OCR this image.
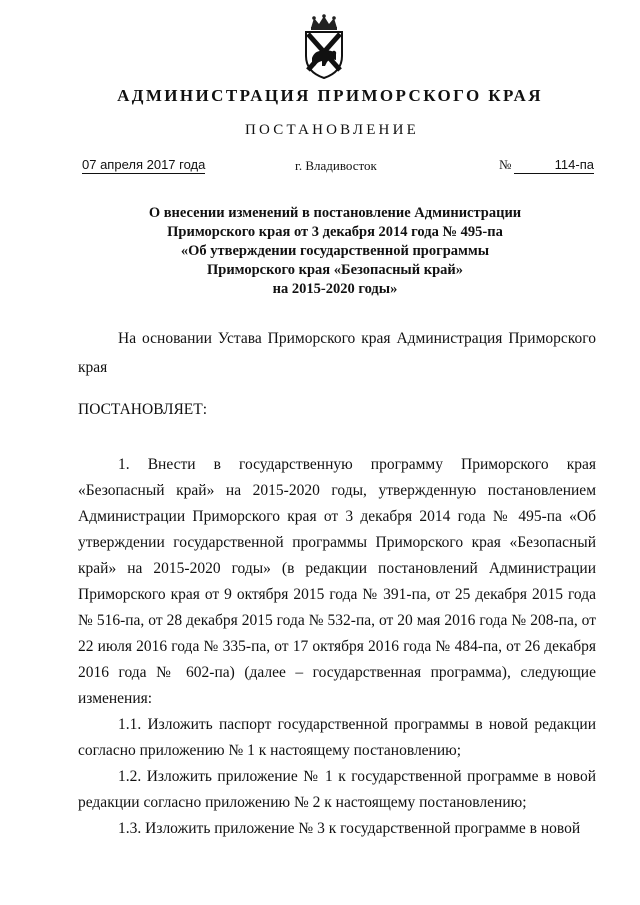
АДМИНИСТРАЦИЯ ПРИМОРСКОГО КРАЯ
ПОСТАНОВЛЕНИЕ
07 апреля 2017 года	г. Владивосток	№	114-па
О внесении изменений в постановление Администрации
Приморского края от 3 декабря 2014 года № 495-па
«Об утверждении государственной программы
Приморского края «Безопасный край»
на 2015-2020 годы»

На основании Устава Приморского края Администрация Приморского края

ПОСТАНОВЛЯЕТ:

1. Внести в государственную программу Приморского края «Безопасный край» на 2015-2020 годы, утвержденную постановлением Администрации Приморского края от 3 декабря 2014 года № 495-па «Об утверждении государственной программы Приморского края «Безопасный край» на 2015-2020 годы» (в редакции постановлений Администрации Приморского края от 9 октября 2015 года № 391-па, от 25 декабря 2015 года № 516-па, от 28 декабря 2015 года № 532-па, от 20 мая 2016 года № 208-па, от 22 июля 2016 года № 335-па, от 17 октября 2016 года № 484-па, от 26 декабря 2016 года № 602-па) (далее – государственная программа), следующие изменения:

1.1. Изложить паспорт государственной программы в новой редакции согласно приложению № 1 к настоящему постановлению;

1.2. Изложить приложение № 1 к государственной программе в новой редакции согласно приложению № 2 к настоящему постановлению;

1.3. Изложить приложение № 3 к государственной программе в новой
